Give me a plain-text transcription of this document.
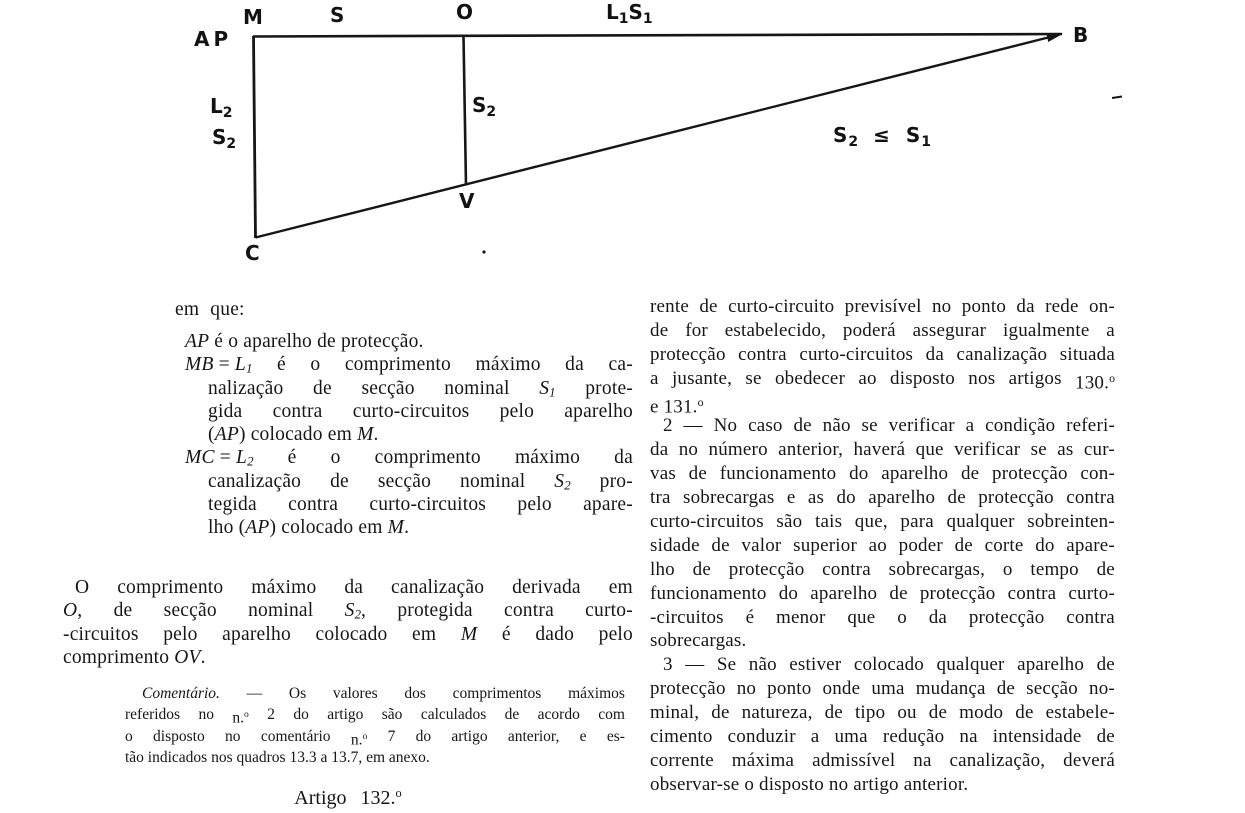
M	S	O	L1S1
B
AP
L2
S2
S2
V
C
S2 ≤ S1
em que:
AP é o aparelho de protecção.
MB = L1 é o comprimento máximo da ca-
nalização de secção nominal S1 prote-
gida contra curto-circuitos pelo aparelho
(AP) colocado em M.
MC = L2 é o comprimento máximo da
canalização de secção nominal S2 pro-
tegida contra curto-circuitos pelo apare-
lho (AP) colocado em M.
O comprimento máximo da canalização derivada em
O, de secção nominal S2, protegida contra curto-
-circuitos pelo aparelho colocado em M é dado pelo
comprimento OV.
Comentário. — Os valores dos comprimentos máximos
referidos no n.$^o$ 2 do artigo são calculados de acordo com
o disposto no comentário n.$^o$ 7 do artigo anterior, e es-
tão indicados nos quadros 13.3 a 13.7, em anexo.
Artigo 132.$^o$
rente de curto-circuito previsível no ponto da rede on-
de for estabelecido, poderá assegurar igualmente a
protecção contra curto-circuitos da canalização situada
a jusante, se obedecer ao disposto nos artigos 130.$^o$
e 131.$^o$
2 — No caso de não se verificar a condição referi-
da no número anterior, haverá que verificar se as cur-
vas de funcionamento do aparelho de protecção con-
tra sobrecargas e as do aparelho de protecção contra
curto-circuitos são tais que, para qualquer sobreinten-
sidade de valor superior ao poder de corte do apare-
lho de protecção contra sobrecargas, o tempo de
funcionamento do aparelho de protecção contra curto-
-circuitos é menor que o da protecção contra
sobrecargas.
3 — Se não estiver colocado qualquer aparelho de
protecção no ponto onde uma mudança de secção no-
minal, de natureza, de tipo ou de modo de estabele-
cimento conduzir a uma redução na intensidade de
corrente máxima admissível na canalização, deverá
observar-se o disposto no artigo anterior.
